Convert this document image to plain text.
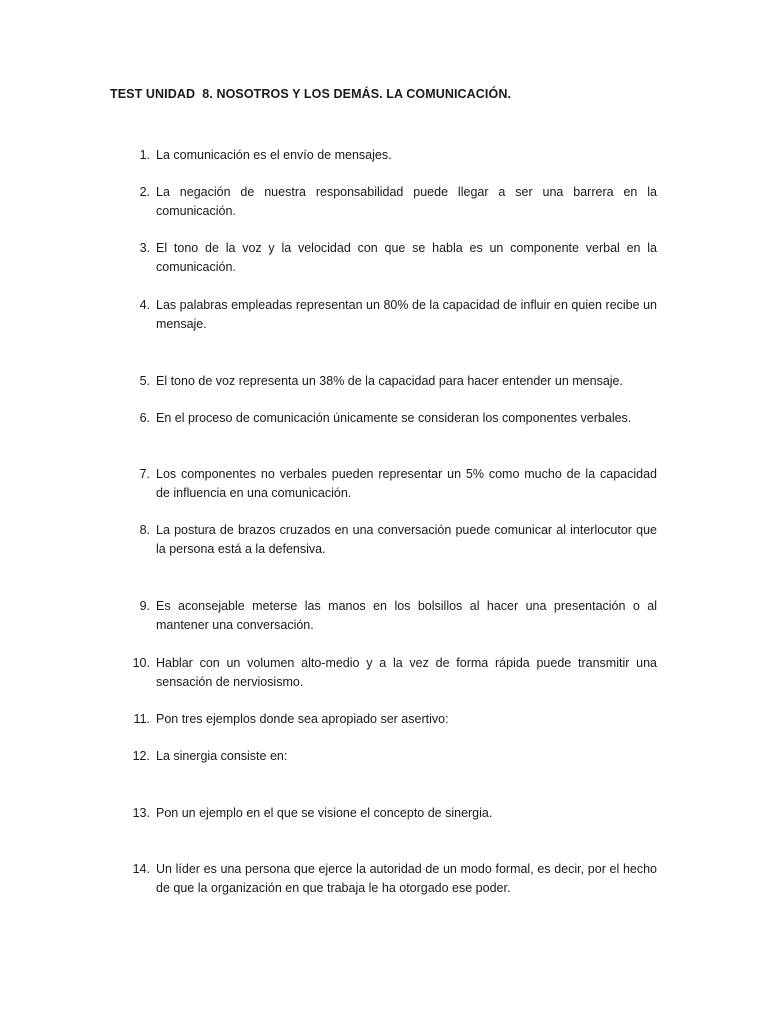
TEST UNIDAD  8. NOSOTROS Y LOS DEMÁS. LA COMUNICACIÓN.
1. La comunicación es el envío de mensajes.
2. La negación de nuestra responsabilidad puede llegar a ser una barrera en la comunicación.
3. El tono de la voz y la velocidad con que se habla es un componente verbal en la comunicación.
4. Las palabras empleadas representan un 80% de la capacidad de influir en quien recibe un mensaje.
5. El tono de voz representa un 38% de la capacidad para hacer entender un mensaje.
6. En el proceso de comunicación únicamente se consideran los componentes verbales.
7. Los componentes no verbales pueden representar un 5% como mucho de la capacidad de influencia en una comunicación.
8. La postura de brazos cruzados en una conversación puede comunicar al interlocutor que la persona está a la defensiva.
9. Es aconsejable meterse las manos en los bolsillos al hacer una presentación o al mantener una conversación.
10. Hablar con un volumen alto-medio y a la vez de forma rápida puede transmitir una sensación de nerviosismo.
11. Pon tres ejemplos donde sea apropiado ser asertivo:
12. La sinergia consiste en:
13. Pon un ejemplo en el que se visione el concepto de sinergia.
14. Un líder es una persona que ejerce la autoridad de un modo formal, es decir, por el hecho de que la organización en que trabaja le ha otorgado ese poder.
